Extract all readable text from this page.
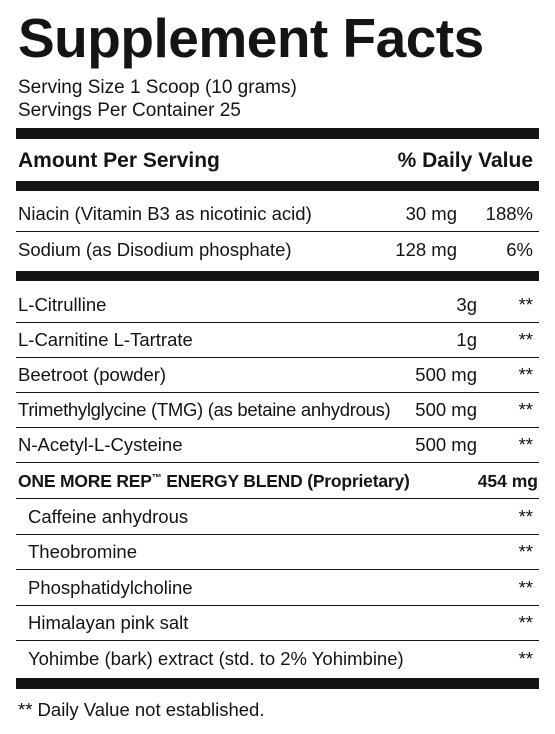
Supplement Facts
Serving Size 1 Scoop (10 grams)
Servings Per Container 25
Amount Per Serving	% Daily Value
Niacin (Vitamin B3 as nicotinic acid)	30 mg 188%
Sodium (as Disodium phosphate)	128 mg	6%
L-Citrulline	3g **
L-Carnitine L-Tartrate	1g **
Beetroot (powder)	500 mg **
Trimethylglycine (TMG) (as betaine anhydrous) 500 mg **
N-Acetyl-L-Cysteine	500 mg **
ONE MORE REP™ ENERGY BLEND (Proprietary)	454 mg
Caffeine anhydrous	**
Theobromine	**
Phosphatidylcholine	**
Himalayan pink salt	**
Yohimbe (bark) extract (std. to 2% Yohimbine)	**
** Daily Value not established.
